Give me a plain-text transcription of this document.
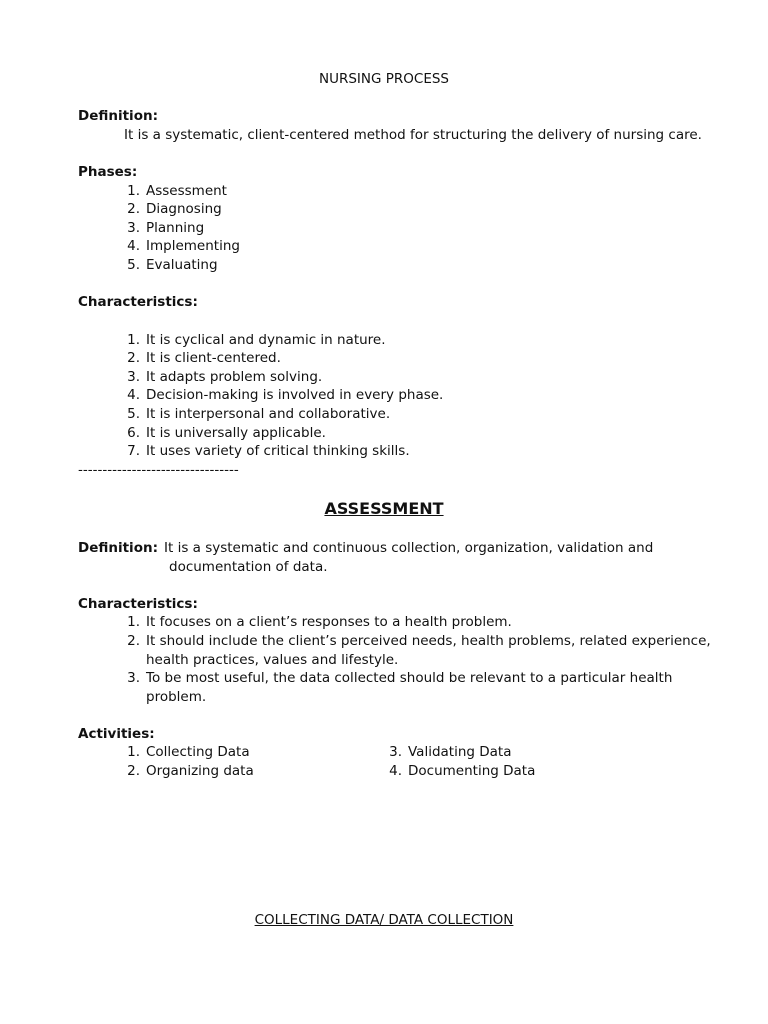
NURSING PROCESS
Definition:
It is a systematic, client-centered method for structuring the delivery of nursing care.
Phases:
1. Assessment
2. Diagnosing
3. Planning
4. Implementing
5. Evaluating
Characteristics:
1. It is cyclical and dynamic in nature.
2. It is client-centered.
3. It adapts problem solving.
4. Decision-making is involved in every phase.
5. It is interpersonal and collaborative.
6. It is universally applicable.
7. It uses variety of critical thinking skills.
---------------------------------
ASSESSMENT
Definition: It is a systematic and continuous collection, organization, validation and
documentation of data.
Characteristics:
1. It focuses on a client’s responses to a health problem.
2. It should include the client’s perceived needs, health problems, related experience,
health practices, values and lifestyle.
3. To be most useful, the data collected should be relevant to a particular health
problem.
Activities:
1. Collecting Data
2. Organizing data
3. Validating Data
4. Documenting Data
COLLECTING DATA/ DATA COLLECTION
